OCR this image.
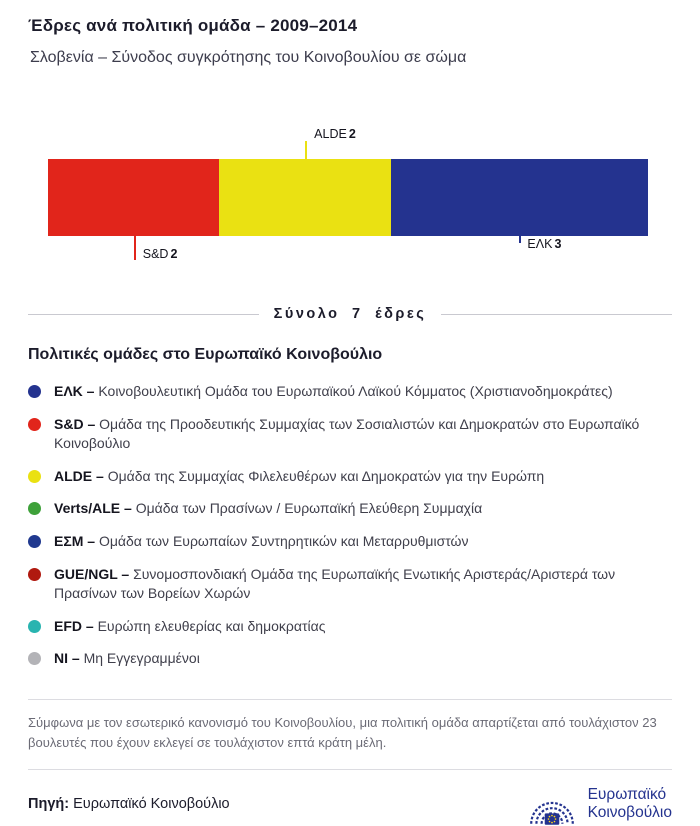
Έδρες ανά πολιτική ομάδα – 2009–2014
Σλοβενία – Σύνοδος συγκρότησης του Κοινοβουλίου σε σώμα
ALDE 2
S&D 2
ΕΛΚ 3
Σύνολο 7 έδρες
Πολιτικές ομάδες στο Ευρωπαϊκό Κοινοβούλιο
ΕΛΚ – Κοινοβουλευτική Ομάδα του Ευρωπαϊκού Λαϊκού Κόμματος (Χριστιανοδημοκράτες)
S&D – Ομάδα της Προοδευτικής Συμμαχίας των Σοσιαλιστών και Δημοκρατών στο Ευρωπαϊκό Κοινοβούλιο
ALDE – Ομάδα της Συμμαχίας Φιλελευθέρων και Δημοκρατών για την Ευρώπη
Verts/ALE – Ομάδα των Πρασίνων / Ευρωπαϊκή Ελεύθερη Συμμαχία
ΕΣΜ – Ομάδα των Ευρωπαίων Συντηρητικών και Μεταρρυθμιστών
GUE/NGL – Συνομοσπονδιακή Ομάδα της Ευρωπαϊκής Ενωτικής Αριστεράς/Αριστερά των Πρασίνων των Βορείων Χωρών
EFD – Ευρώπη ελευθερίας και δημοκρατίας
NI – Μη Εγγεγραμμένοι
Σύμφωνα με τον εσωτερικό κανονισμό του Κοινοβουλίου, μια πολιτική ομάδα απαρτίζεται από τουλάχιστον 23 βουλευτές που έχουν εκλεγεί σε τουλάχιστον επτά κράτη μέλη.
Πηγή: Ευρωπαϊκό Κοινοβούλιο
Ευρωπαϊκό
Κοινοβούλιο
